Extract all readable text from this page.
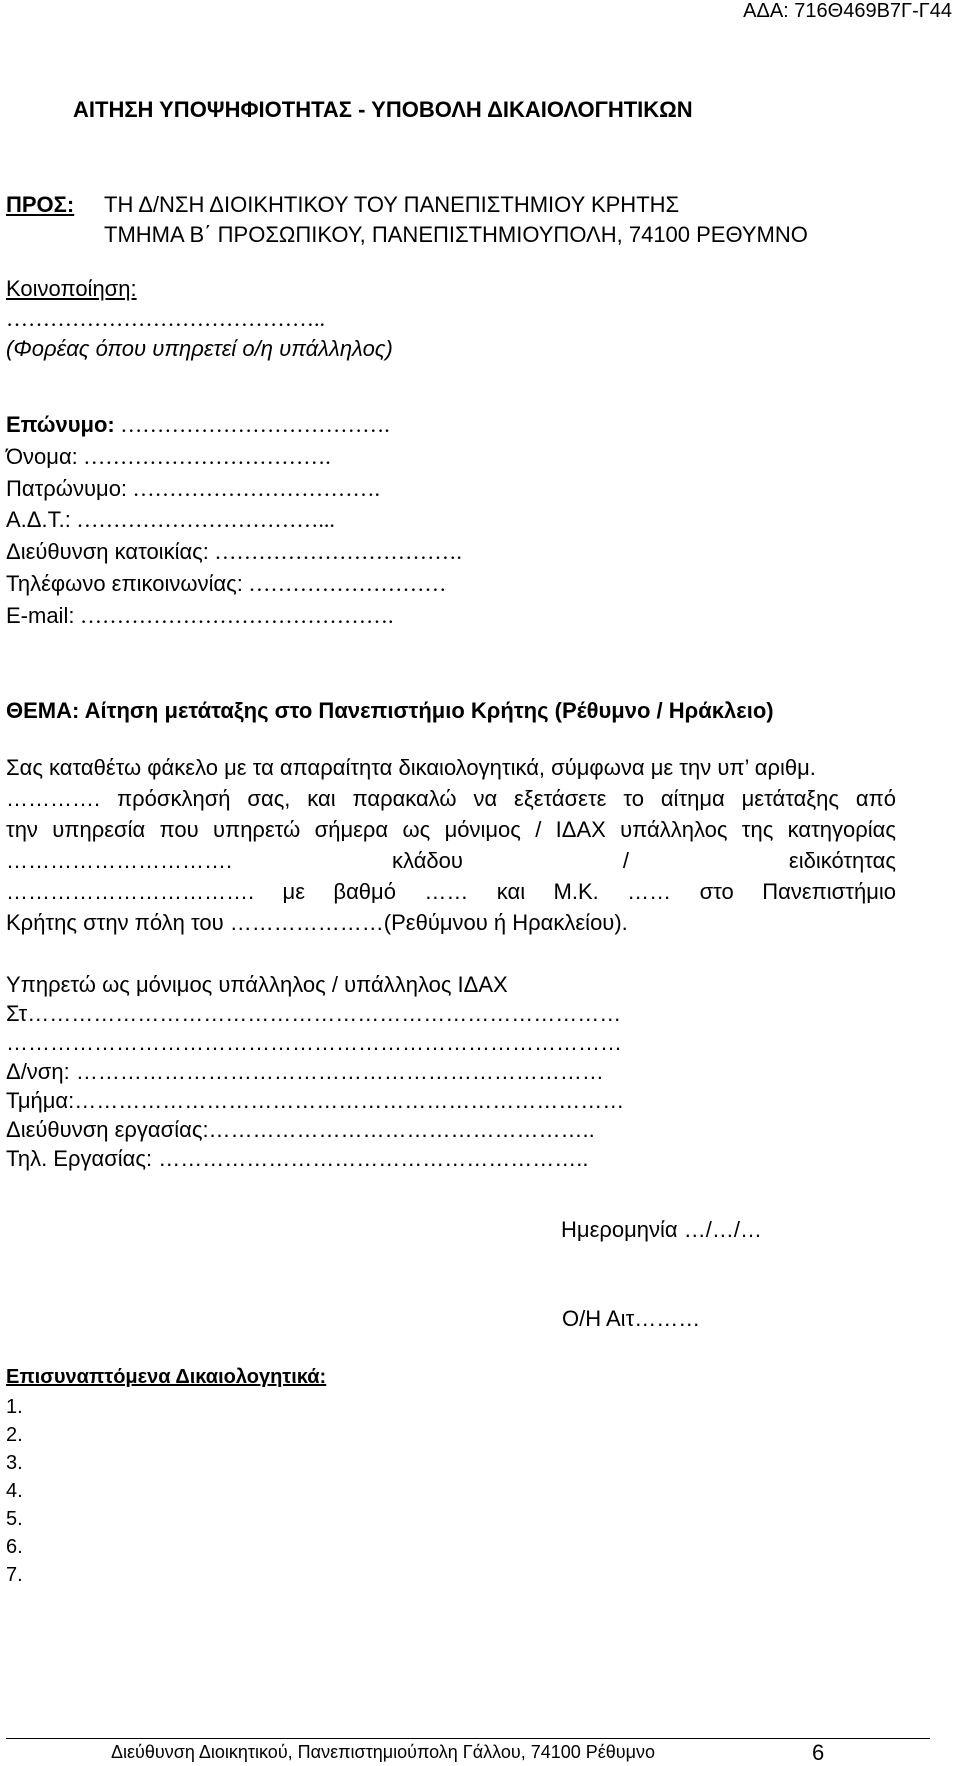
ΑΔΑ: 716Θ469Β7Γ-Γ44
ΑΙΤΗΣΗ ΥΠΟΨΗΦΙΟΤΗΤΑΣ - ΥΠΟΒΟΛΗ ΔΙΚΑΙΟΛΟΓΗΤΙΚΩΝ
ΠΡΟΣ: ΤΗ Δ/ΝΣΗ ΔΙΟΙΚΗΤΙΚΟΥ ΤΟΥ ΠΑΝΕΠΙΣΤΗΜΙΟΥ ΚΡΗΤΗΣ
ΤΜΗΜΑ Β΄ ΠΡΟΣΩΠΙΚΟΥ, ΠΑΝΕΠΙΣΤΗΜΙΟΥΠΟΛΗ, 74100 ΡΕΘΥΜΝΟ
Κοινοποίηση:
……………………………………..
(Φορέας όπου υπηρετεί ο/η υπάλληλος)
Επώνυμο: ……………………………….
Όνομα: …………………………….
Πατρώνυμο: …………………………….
Α.Δ.Τ.: ……………………………...
Διεύθυνση κατοικίας: …………………………….
Τηλέφωνο επικοινωνίας: ………………………
E-mail: …………………………………….
ΘΕΜΑ: Αίτηση μετάταξης στο Πανεπιστήμιο Κρήτης (Ρέθυμνο / Ηράκλειο)
Σας καταθέτω φάκελο με τα απαραίτητα δικαιολογητικά, σύμφωνα με την υπ’ αριθμ.
…………. πρόσκλησή σας, και παρακαλώ να εξετάσετε το αίτημα μετάταξης από
την υπηρεσία που υπηρετώ σήμερα ως μόνιμος / ΙΔΑΧ υπάλληλος της κατηγορίας
…………………………. κλάδου / ειδικότητας
……………………………. με βαθμό …… και Μ.Κ. …… στο Πανεπιστήμιο
Κρήτης στην πόλη του …………………(Ρεθύμνου ή Ηρακλείου).
Υπηρετώ ως μόνιμος υπάλληλος / υπάλληλος ΙΔΑΧ
Στ………………………………………………………………………
…………………………………………………………………………
Δ/νση: ………………………………………………………………
Τμήμα:…………………………………………………………………
Διεύθυνση εργασίας:……………………………………………..
Τηλ. Εργασίας: …………………………………………………..
Ημερομηνία …/…/…
Ο/Η Αιτ………
Επισυναπτόμενα Δικαιολογητικά:
1.
2.
3.
4.
5.
6.
7.
Διεύθυνση Διοικητικού, Πανεπιστημιούπολη Γάλλου, 74100 Ρέθυμνο	6
